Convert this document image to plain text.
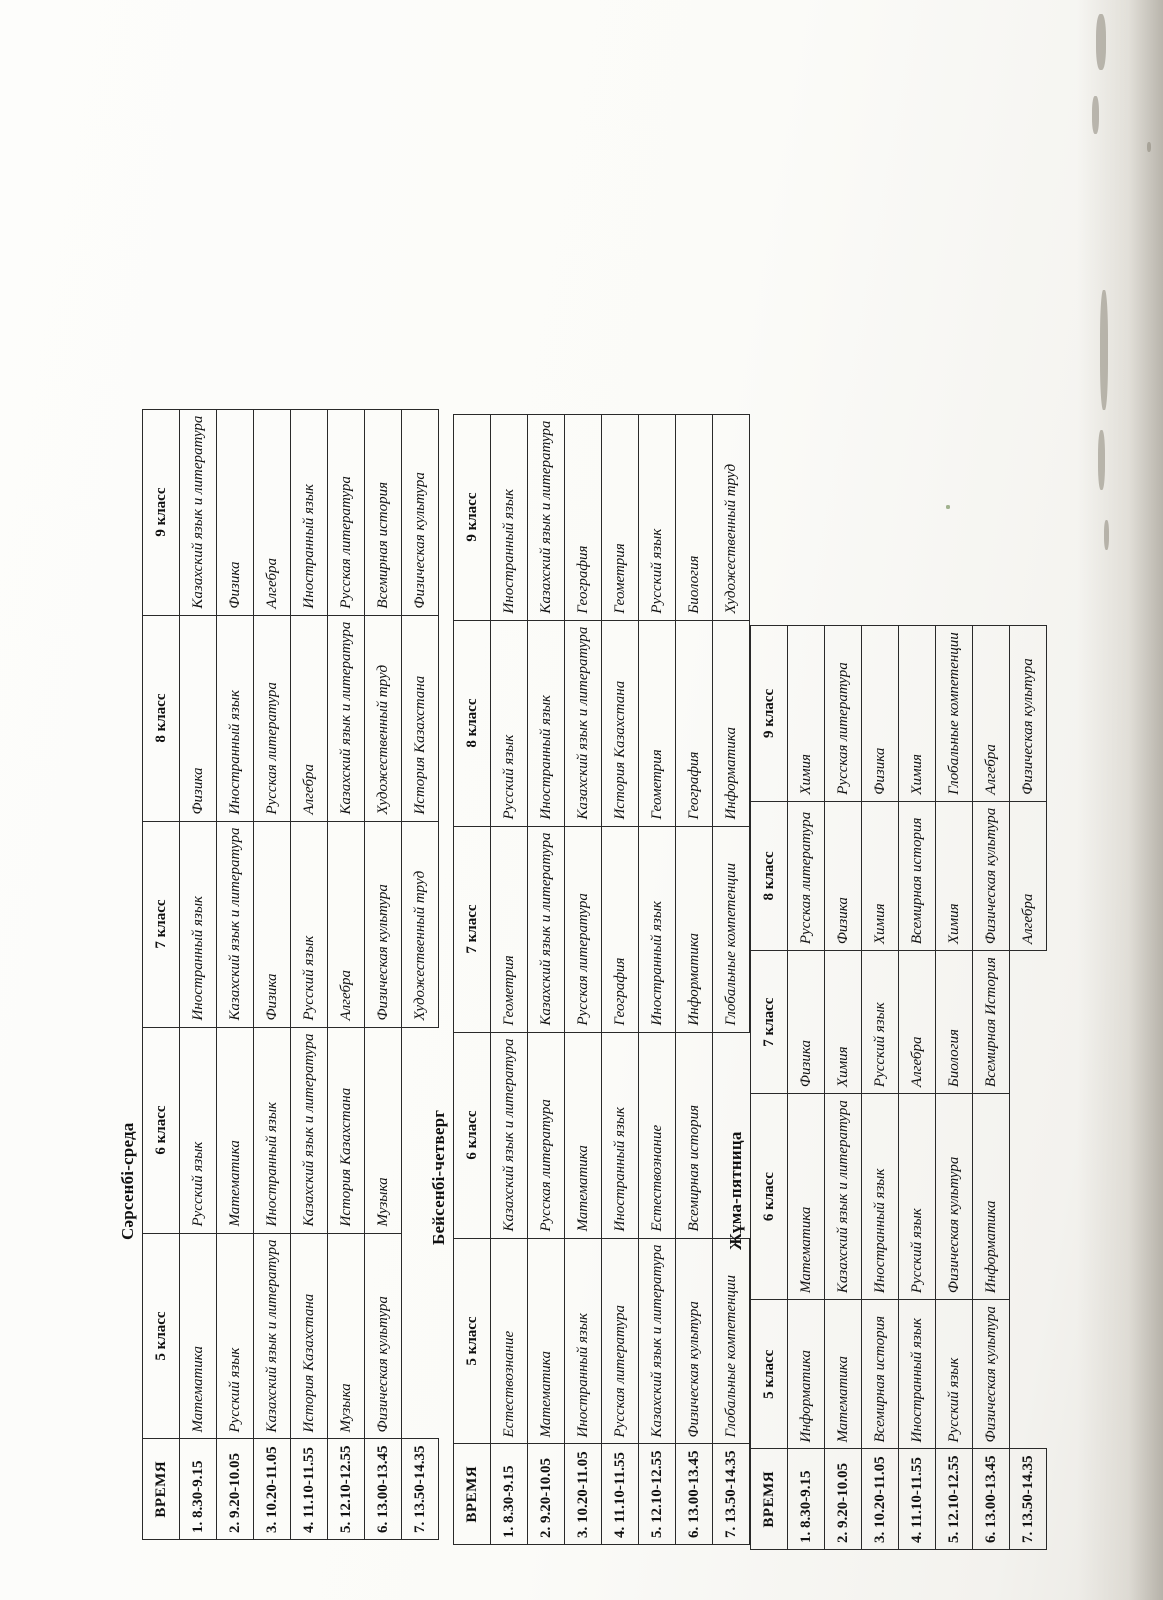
Сәрсенбі-среда
ВРЕМЯ	5 класс	6 класс	7 класс	8 класс	9 класс
1. 8.30-9.15	Математика	Русский язык	Иностранный язык	Физика	Казахский язык и литература
2. 9.20-10.05	Русский язык	Математика	Казахский язык и литература	Иностранный язык	Физика
3. 10.20-11.05	Казахский язык и литература	Иностранный язык	Физика	Русская литература	Алгебра
4. 11.10-11.55	История Казахстана	Казахский язык и литература	Русский язык	Алгебра	Иностранный язык
5. 12.10-12.55	Музыка	История Казахстана	Алгебра	Казахский язык и литература	Русская литература
6. 13.00-13.45	Физическая культура	Музыка	Физическая культура	Художественный труд	Всемирная история
7. 13.50-14.35			Художественный труд	История Казахстана	Физическая культура
Бейсенбі-четверг
ВРЕМЯ	5 класс	6 класс	7 класс	8 класс	9 класс
1. 8.30-9.15	Естествознание	Казахский язык и литература	Геометрия	Русский язык	Иностранный язык
2. 9.20-10.05	Математика	Русская литература	Казахский язык и литература	Иностранный язык	Казахский язык и литература
3. 10.20-11.05	Иностранный язык	Математика	Русская литература	Казахский язык и литература	География
4. 11.10-11.55	Русская литература	Иностранный язык	География	История Казахстана	Геометрия
5. 12.10-12.55	Казахский язык и литература	Естествознание	Иностранный язык	Геометрия	Русский язык
6. 13.00-13.45	Физическая культура	Всемирная история	Информатика	География	Биология
7. 13.50-14.35	Глобальные компетенции		Глобальные компетенции	Информатика	Художественный труд
Жұма-пятница
ВРЕМЯ	5 класс	6 класс	7 класс	8 класс	9 класс
1. 8.30-9.15	Информатика	Математика	Физика	Русская литература	Химия
2. 9.20-10.05	Математика	Казахский язык и литература	Химия	Физика	Русская литература
3. 10.20-11.05	Всемирная история	Иностранный язык	Русский язык	Химия	Физика
4. 11.10-11.55	Иностранный язык	Русский язык	Алгебра	Всемирная история	Химия
5. 12.10-12.55	Русский язык	Физическая культура	Биология	Химия	Глобальные компетенции
6. 13.00-13.45	Физическая культура	Информатика	Всемирная История	Физическая культура	Алгебра
7. 13.50-14.35				Алгебра	Физическая культура
